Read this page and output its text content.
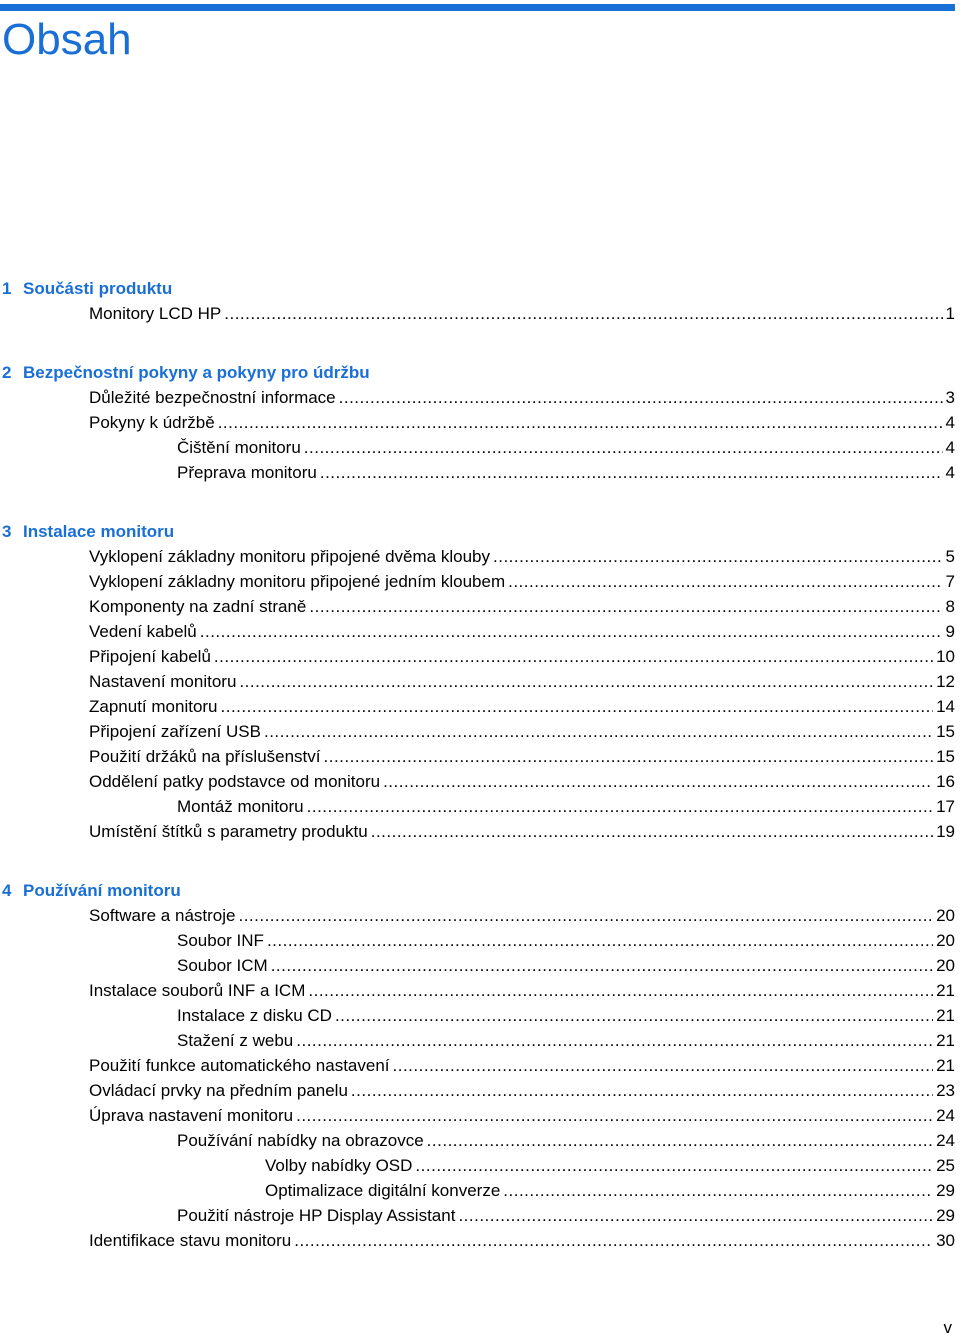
Obsah
1 Součásti produktu
Monitory LCD HP .....	1
2 Bezpečnostní pokyny a pokyny pro údržbu
Důležité bezpečnostní informace .....	3
Pokyny k údržbě .....	4
Čištění monitoru .....	4
Přeprava monitoru .....	4
3 Instalace monitoru
Vyklopení základny monitoru připojené dvěma klouby .....	5
Vyklopení základny monitoru připojené jedním kloubem .....	7
Komponenty na zadní straně .....	8
Vedení kabelů .....	9
Připojení kabelů .....	10
Nastavení monitoru .....	12
Zapnutí monitoru .....	14
Připojení zařízení USB .....	15
Použití držáků na příslušenství .....	15
Oddělení patky podstavce od monitoru .....	16
Montáž monitoru .....	17
Umístění štítků s parametry produktu .....	19
4 Používání monitoru
Software a nástroje .....	20
Soubor INF .....	20
Soubor ICM .....	20
Instalace souborů INF a ICM .....	21
Instalace z disku CD .....	21
Stažení z webu .....	21
Použití funkce automatického nastavení .....	21
Ovládací prvky na předním panelu .....	23
Úprava nastavení monitoru .....	24
Používání nabídky na obrazovce .....	24
Volby nabídky OSD .....	25
Optimalizace digitální konverze .....	29
Použití nástroje HP Display Assistant .....	29
Identifikace stavu monitoru .....	30
v
